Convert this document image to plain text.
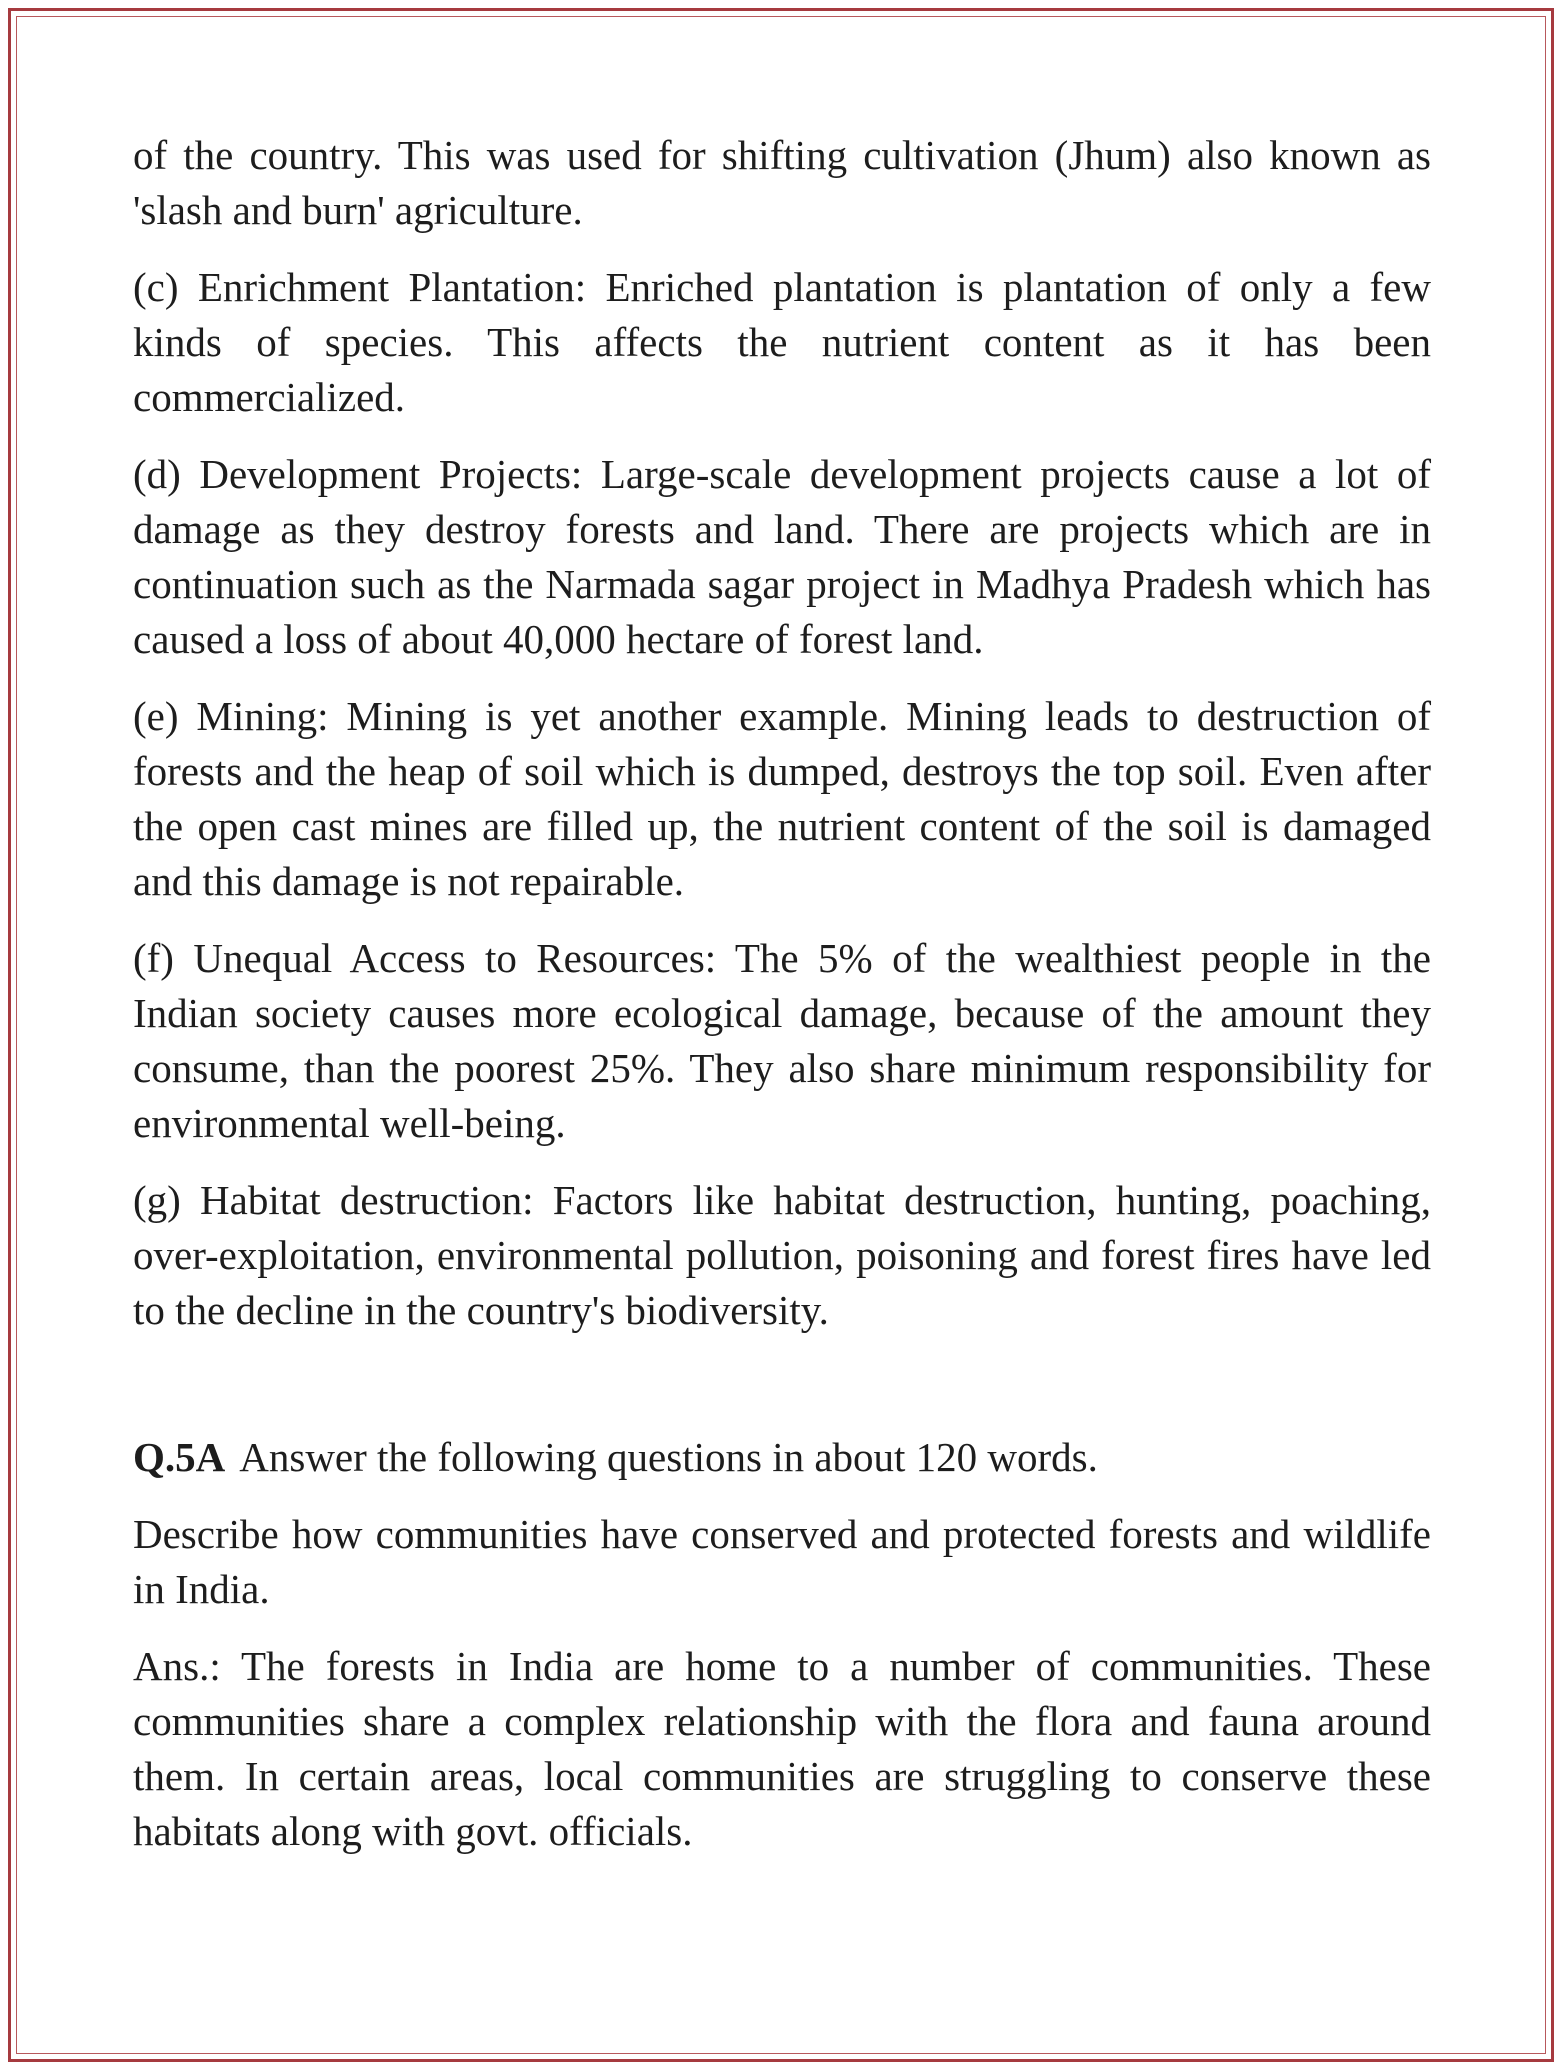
of the country. This was used for shifting cultivation (Jhum) also known as 'slash and burn' agriculture.

(c) Enrichment Plantation: Enriched plantation is plantation of only a few kinds of species. This affects the nutrient content as it has been commercialized.

(d) Development Projects: Large-scale development projects cause a lot of damage as they destroy forests and land. There are projects which are in continuation such as the Narmada sagar project in Madhya Pradesh which has caused a loss of about 40,000 hectare of forest land.

(e) Mining: Mining is yet another example. Mining leads to destruction of forests and the heap of soil which is dumped, destroys the top soil. Even after the open cast mines are filled up, the nutrient content of the soil is damaged and this damage is not repairable.

(f) Unequal Access to Resources: The 5% of the wealthiest people in the Indian society causes more ecological damage, because of the amount they consume, than the poorest 25%. They also share minimum responsibility for environmental well-being.

(g) Habitat destruction: Factors like habitat destruction, hunting, poaching, over-exploitation, environmental pollution, poisoning and forest fires have led to the decline in the country's biodiversity.

Q.5A Answer the following questions in about 120 words.

Describe how communities have conserved and protected forests and wildlife in India.

Ans.: The forests in India are home to a number of communities. These communities share a complex relationship with the flora and fauna around them. In certain areas, local communities are struggling to conserve these habitats along with govt. officials.
